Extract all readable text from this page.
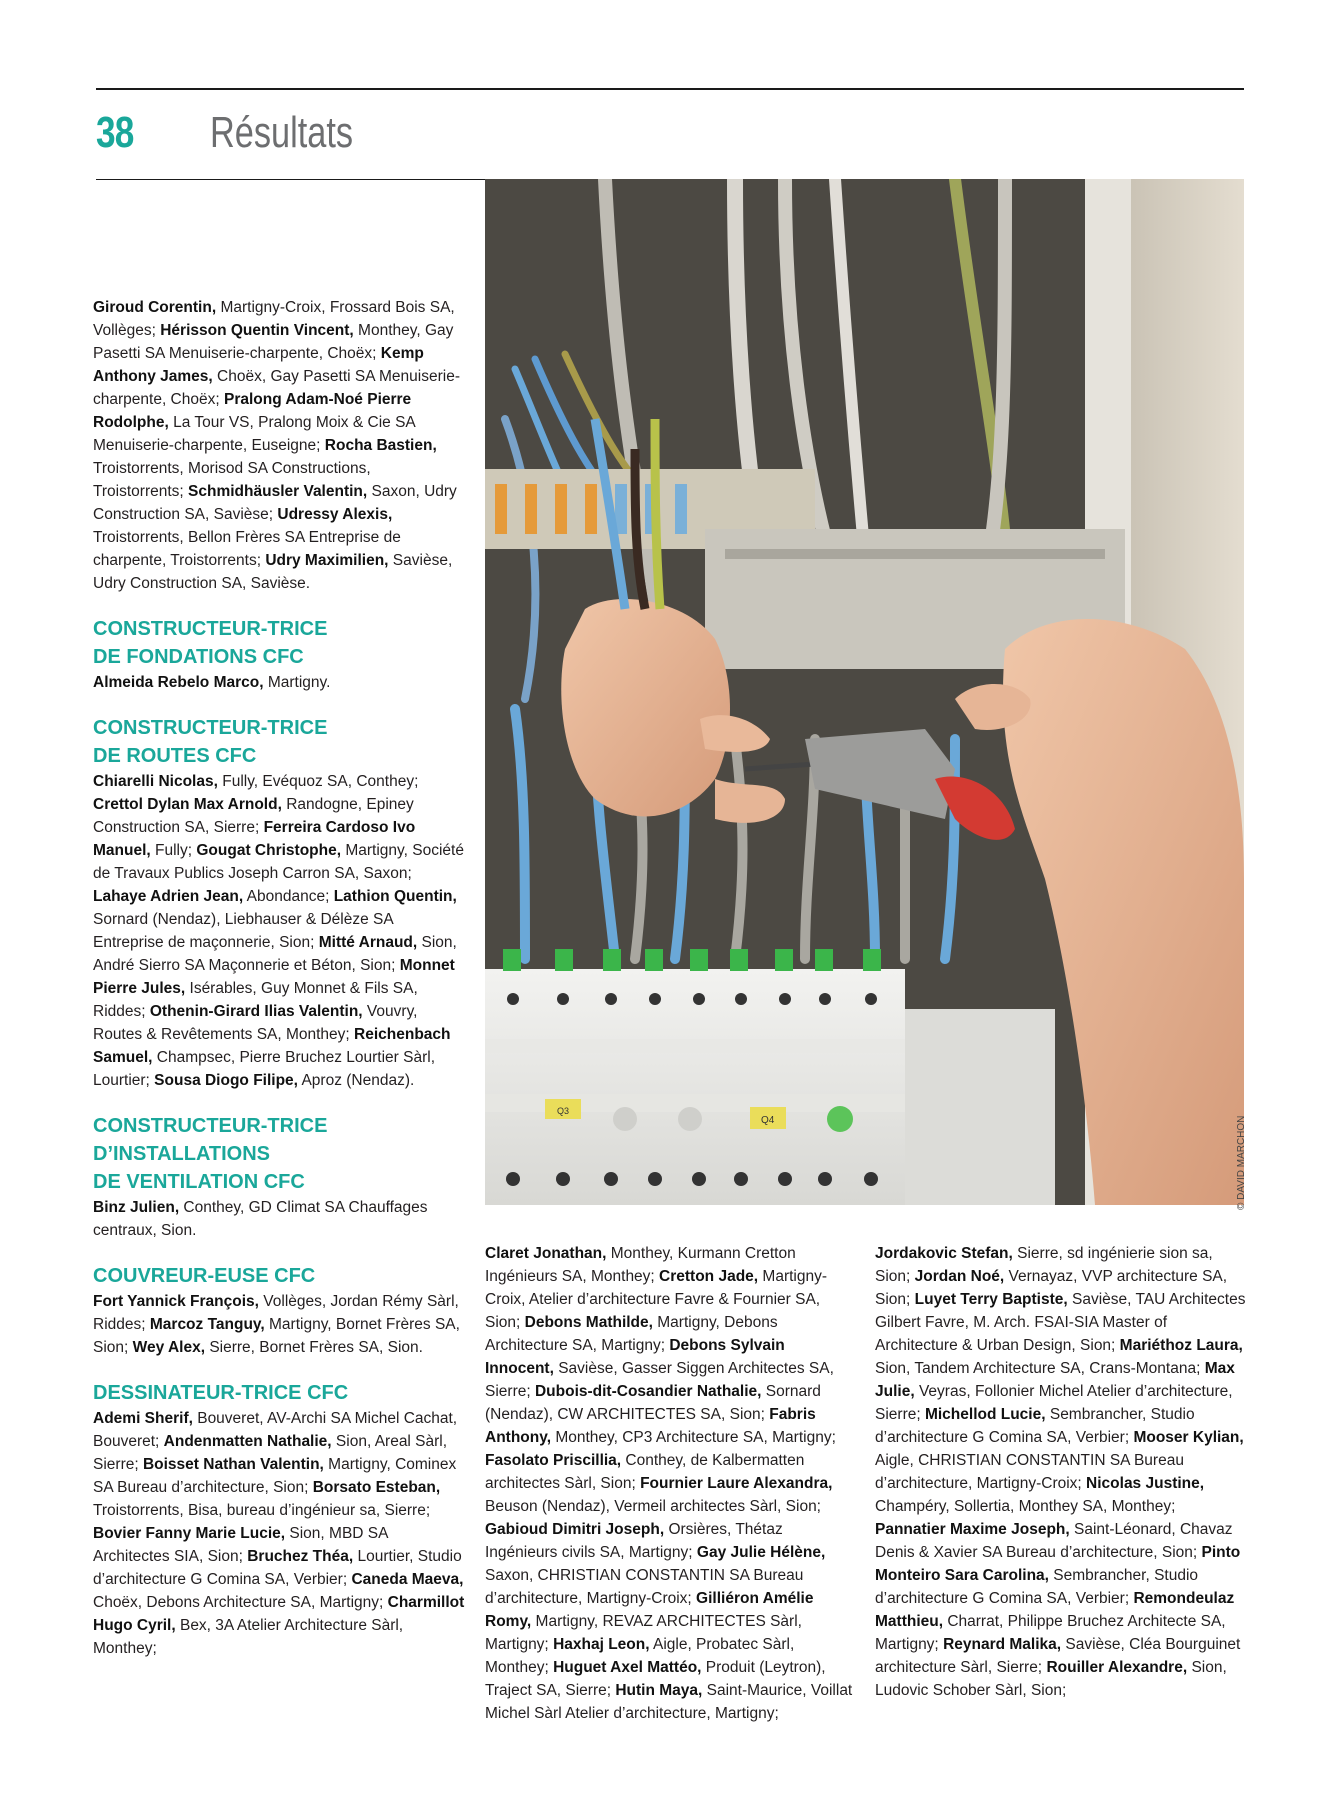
38 Résultats
Q3
Q4	© DAVID MARCHON

Giroud Corentin, Martigny-Croix, Frossard Bois SA, Vollèges; Hérisson Quentin Vincent, Monthey, Gay Pasetti SA Menuiserie-charpente, Choëx; Kemp Anthony James, Choëx, Gay Pasetti SA Menuiserie-charpente, Choëx; Pralong Adam-Noé Pierre Rodolphe, La Tour VS, Pralong Moix & Cie SA Menuiserie-charpente, Euseigne; Rocha Bastien, Troistorrents, Morisod SA Constructions, Troistorrents; Schmidhäusler Valentin, Saxon, Udry Construction SA, Savièse; Udressy Alexis, Troistorrents, Bellon Frères SA Entreprise de charpente, Troistorrents; Udry Maximilien, Savièse, Udry Construction SA, Savièse.

CONSTRUCTEUR-TRICE
DE FONDATIONS CFC

Almeida Rebelo Marco, Martigny.

CONSTRUCTEUR-TRICE
DE ROUTES CFC

Chiarelli Nicolas, Fully, Evéquoz SA, Conthey; Crettol Dylan Max Arnold, Randogne, Epiney Construction SA, Sierre; Ferreira Cardoso Ivo Manuel, Fully; Gougat Christophe, Martigny, Société de Travaux Publics Joseph Carron SA, Saxon; Lahaye Adrien Jean, Abondance; Lathion Quentin, Sornard (Nendaz), Liebhauser & Délèze SA Entreprise de maçonnerie, Sion; Mitté Arnaud, Sion, André Sierro SA Maçonnerie et Béton, Sion; Monnet Pierre Jules, Isérables, Guy Monnet & Fils SA, Riddes; Othenin-Girard Ilias Valentin, Vouvry, Routes & Revêtements SA, Monthey; Reichenbach Samuel, Champsec, Pierre Bruchez Lourtier Sàrl, Lourtier; Sousa Diogo Filipe, Aproz (Nendaz).

CONSTRUCTEUR-TRICE
D’INSTALLATIONS
DE VENTILATION CFC

Binz Julien, Conthey, GD Climat SA Chauffages centraux, Sion.

COUVREUR-EUSE CFC

Fort Yannick François, Vollèges, Jordan Rémy Sàrl, Riddes; Marcoz Tanguy, Martigny, Bornet Frères SA, Sion; Wey Alex, Sierre, Bornet Frères SA, Sion.

DESSINATEUR-TRICE CFC

Ademi Sherif, Bouveret, AV-Archi SA Michel Cachat, Bouveret; Andenmatten Nathalie, Sion, Areal Sàrl, Sierre; Boisset Nathan Valentin, Martigny, Cominex SA Bureau d’architecture, Sion; Borsato Esteban, Troistorrents, Bisa, bureau d’ingénieur sa, Sierre; Bovier Fanny Marie Lucie, Sion, MBD SA Architectes SIA, Sion; Bruchez Théa, Lourtier, Studio d’architecture G Comina SA, Verbier; Caneda Maeva, Choëx, Debons Architecture SA, Martigny; Charmillot Hugo Cyril, Bex, 3A Atelier Architecture Sàrl, Monthey;

Claret Jonathan, Monthey, Kurmann Cretton Ingénieurs SA, Monthey; Cretton Jade, Martigny-Croix, Atelier d’architecture Favre & Fournier SA, Sion; Debons Mathilde, Martigny, Debons Architecture SA, Martigny; Debons Sylvain Innocent, Savièse, Gasser Siggen Architectes SA, Sierre; Dubois-dit-Cosandier Nathalie, Sornard (Nendaz), CW ARCHITECTES SA, Sion; Fabris Anthony, Monthey, CP3 Architecture SA, Martigny; Fasolato Priscillia, Conthey, de Kalbermatten architectes Sàrl, Sion; Fournier Laure Alexandra, Beuson (Nendaz), Vermeil architectes Sàrl, Sion; Gabioud Dimitri Joseph, Orsières, Thétaz Ingénieurs civils SA, Martigny; Gay Julie Hélène, Saxon, CHRISTIAN CONSTANTIN SA Bureau d’architecture, Martigny-Croix; Gilliéron Amélie Romy, Martigny, REVAZ ARCHITECTES Sàrl, Martigny; Haxhaj Leon, Aigle, Probatec Sàrl, Monthey; Huguet Axel Mattéo, Produit (Leytron), Traject SA, Sierre; Hutin Maya, Saint-Maurice, Voillat Michel Sàrl Atelier d’architecture, Martigny;

Jordakovic Stefan, Sierre, sd ingénierie sion sa, Sion; Jordan Noé, Vernayaz, VVP architecture SA, Sion; Luyet Terry Baptiste, Savièse, TAU Architectes Gilbert Favre, M. Arch. FSAI-SIA Master of Architecture & Urban Design, Sion; Mariéthoz Laura, Sion, Tandem Architecture SA, Crans-Montana; Max Julie, Veyras, Follonier Michel Atelier d’architecture, Sierre; Michellod Lucie, Sembrancher, Studio d’architecture G Comina SA, Verbier; Mooser Kylian, Aigle, CHRISTIAN CONSTANTIN SA Bureau d’architecture, Martigny-Croix; Nicolas Justine, Champéry, Sollertia, Monthey SA, Monthey; Pannatier Maxime Joseph, Saint-Léonard, Chavaz Denis & Xavier SA Bureau d’architecture, Sion; Pinto Monteiro Sara Carolina, Sembrancher, Studio d’architecture G Comina SA, Verbier; Remondeulaz Matthieu, Charrat, Philippe Bruchez Architecte SA, Martigny; Reynard Malika, Savièse, Cléa Bourguinet architecture Sàrl, Sierre; Rouiller Alexandre, Sion, Ludovic Schober Sàrl, Sion;
